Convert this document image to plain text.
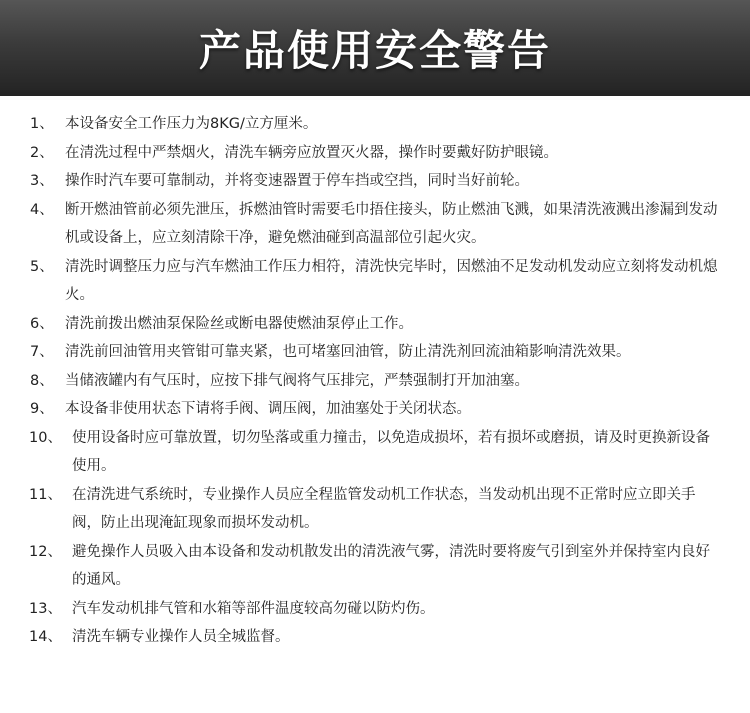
产品使用安全警告
1、 本设备安全工作压力为8KG/立方厘米。
2、 在清洗过程中严禁烟火，清洗车辆旁应放置灭火器，操作时要戴好防护眼镜。
3、 操作时汽车要可靠制动，并将变速器置于停车挡或空挡，同时当好前轮。
4、 断开燃油管前必须先泄压，拆燃油管时需要毛巾捂住接头，防止燃油飞溅，如果清洗液溅出渗漏到发动机或设备上，应立刻清除干净，避免燃油碰到高温部位引起火灾。
5、 清洗时调整压力应与汽车燃油工作压力相符，清洗快完毕时，因燃油不足发动机发动应立刻将发动机熄火。
6、 清洗前拨出燃油泵保险丝或断电器使燃油泵停止工作。
7、 清洗前回油管用夹管钳可靠夹紧，也可堵塞回油管，防止清洗剂回流油箱影响清洗效果。
8、 当储液罐内有气压时，应按下排气阀将气压排完，严禁强制打开加油塞。
9、 本设备非使用状态下请将手阀、调压阀，加油塞处于关闭状态。
10、 使用设备时应可靠放置，切勿坠落或重力撞击，以免造成损坏，若有损坏或磨损，请及时更换新设备使用。
11、 在清洗进气系统时，专业操作人员应全程监管发动机工作状态，当发动机出现不正常时应立即关手阀，防止出现淹缸现象而损坏发动机。
12、 避免操作人员吸入由本设备和发动机散发出的清洗液气雾，清洗时要将废气引到室外并保持室内良好的通风。
13、 汽车发动机排气管和水箱等部件温度较高勿碰以防灼伤。
14、 清洗车辆专业操作人员全城监督。
